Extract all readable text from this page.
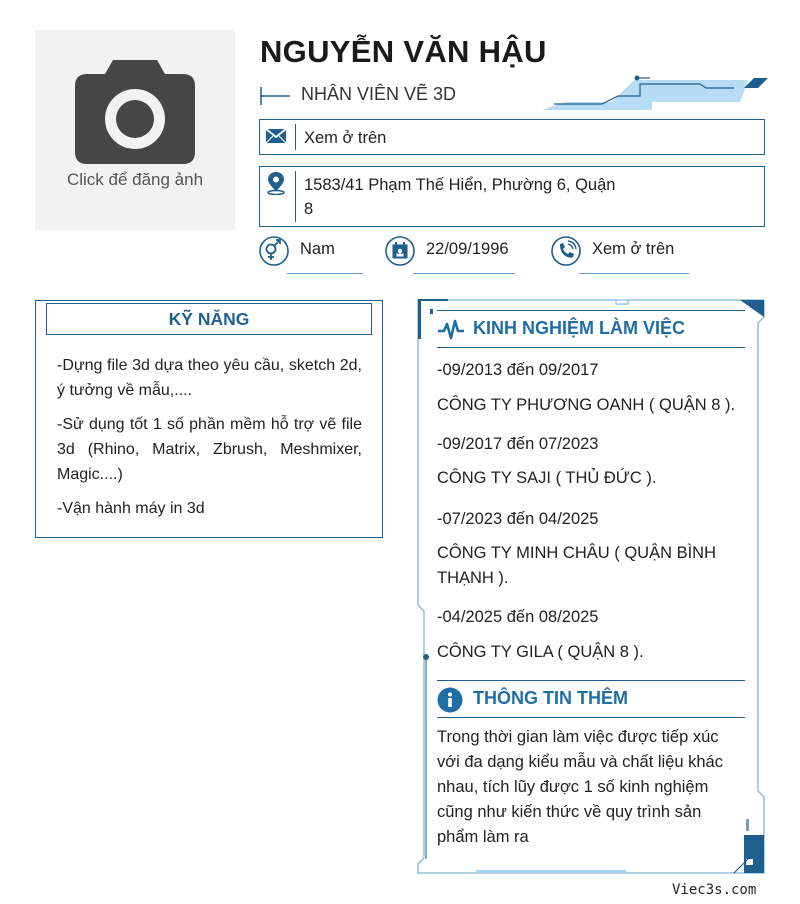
Click để đăng ảnh
NGUYỄN VĂN HẬU
NHÂN VIÊN VẼ 3D
Xem ở trên
1583/41 Phạm Thế Hiển, Phường 6, Quận 8
Nam	22/09/1996	Xem ở trên
KỸ NĂNG

-Dựng file 3d dựa theo yêu cầu, sketch 2d, ý tưởng về mẫu,....

-Sử dụng tốt 1 số phần mềm hỗ trợ vẽ file 3d (Rhino, Matrix, Zbrush, Meshmixer, Magic....)

-Vận hành máy in 3d

KINH NGHIỆM LÀM VIỆC
-09/2013 đến 09/2017
CÔNG TY PHƯƠNG OANH ( QUẬN 8 ).
-09/2017 đến 07/2023
CÔNG TY SAJI ( THỦ ĐỨC ).
-07/2023 đến 04/2025
CÔNG TY MINH CHÂU ( QUẬN BÌNH THẠNH ).
-04/2025 đến 08/2025
CÔNG TY GILA ( QUẬN 8 ).
THÔNG TIN THÊM
Trong thời gian làm việc được tiếp xúc với đa dạng kiểu mẫu và chất liệu khác nhau, tích lũy được 1 số kinh nghiệm cũng như kiến thức về quy trình sản phẩm làm ra
Viec3s.com
